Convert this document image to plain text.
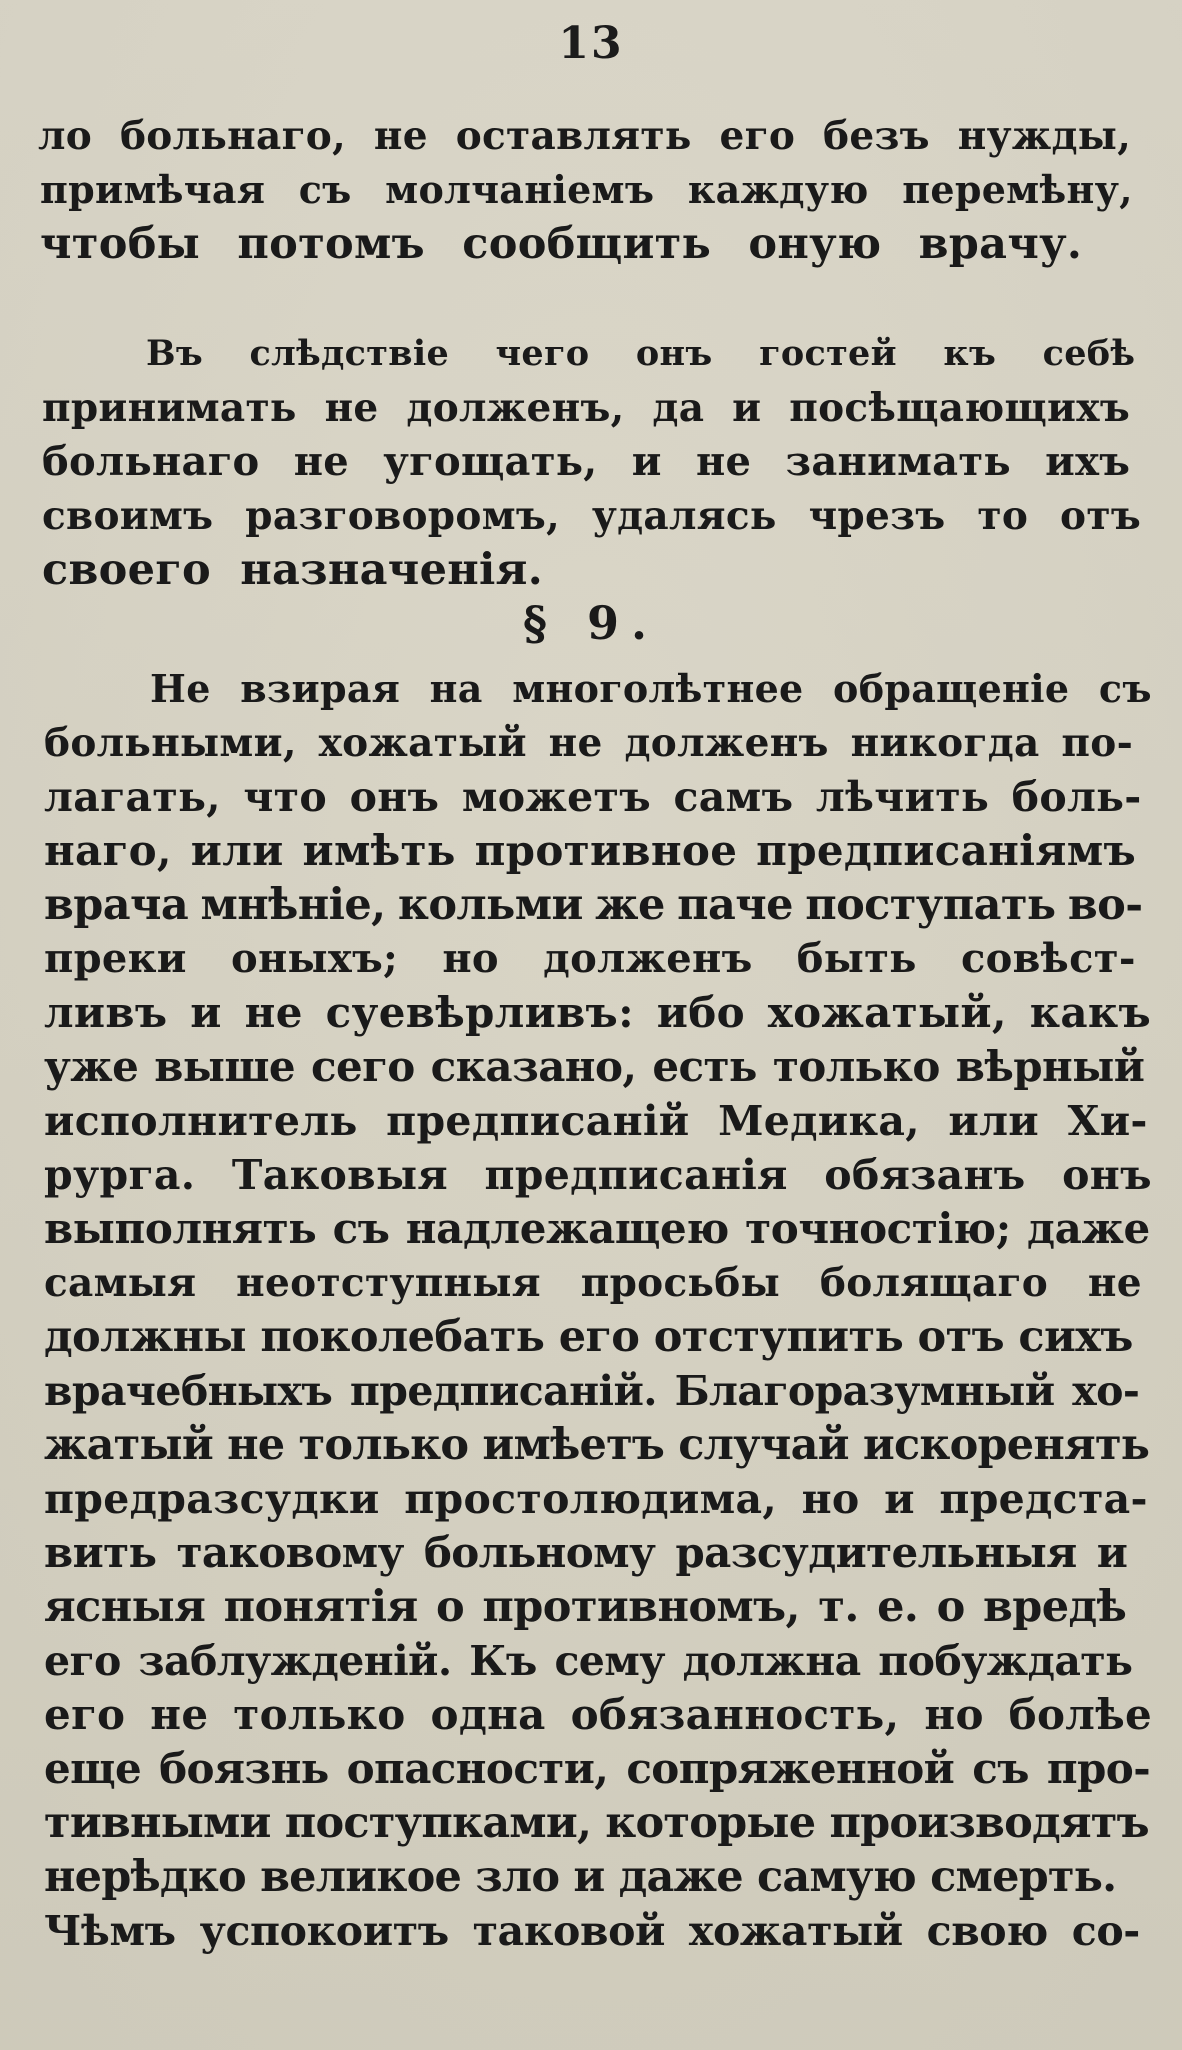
13
ло больнаго, не оставлять его безъ нужды,
примѣчая съ молчаніемъ каждую перемѣну,
чтобы потомъ сообщить оную врачу.
Въ слѣдствіе чего онъ гостей къ себѣ
принимать не долженъ, да и посѣщающихъ
больнаго не угощать, и не занимать ихъ
своимъ разговоромъ, удалясь чрезъ то отъ
своего назначенія.
§ 9.
Не взирая на многолѣтнее обращеніе съ
больными, хожатый не долженъ никогда по-
лагать, что онъ можетъ самъ лѣчить боль-
наго, или имѣть противное предписаніямъ
врача мнѣніе, кольми же паче поступать во-
преки оныхъ; но долженъ быть совѣст-
ливъ и не суевѣрливъ: ибо хожатый, какъ
уже выше сего сказано, есть только вѣрный
исполнитель предписаній Медика, или Хи-
рурга. Таковыя предписанія обязанъ онъ
выполнять съ надлежащею точностію; даже
самыя неотступныя просьбы болящаго не
должны поколебать его отступить отъ сихъ
врачебныхъ предписаній. Благоразумный хо-
жатый не только имѣетъ случай искоренять
предразсудки простолюдима, но и предста-
вить таковому больному разсудительныя и
ясныя понятія о противномъ, т. е. о вредѣ
его заблужденій. Къ сему должна побуждать
его не только одна обязанность, но болѣе
еще боязнь опасности, сопряженной съ про-
тивными поступками, которые производятъ
нерѣдко великое зло и даже самую смерть.
Чѣмъ успокоитъ таковой хожатый свою со-
